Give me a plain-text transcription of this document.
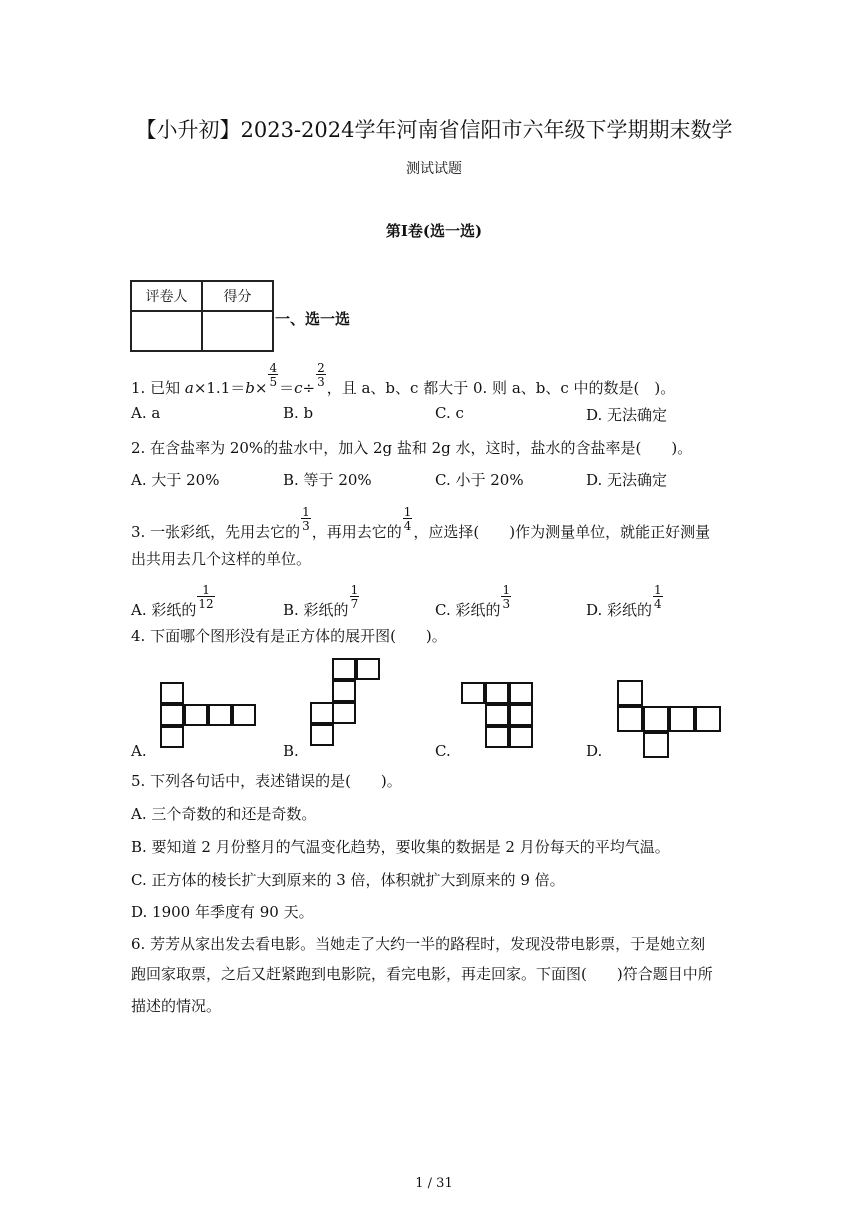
【小升初】2023-2024学年河南省信阳市六年级下学期期末数学
测试试题
第I卷(选一选)
评卷人	得分

一、选一选
1. 已知 $a\times 1.1=b\times \frac{4}{5} =c\div \frac{2}{3}$ ，且 a、b、c 都大于 0. 则 a、b、c 中的数是(　)。
A. a	B. b	C. c	D. 无法确定
2. 在含盐率为 20%的盐水中，加入 2g 盐和 2g 水，这时，盐水的含盐率是(　　)。
A. 大于 20%	B. 等于 20%	C. 小于 20%	D. 无法确定
3. 一张彩纸，先用去它的 $\frac{1}{3}$ ，再用去它的 $\frac{1}{4}$ ，应选择(　　)作为测量单位，就能正好测量
出共用去几个这样的单位。
A. 彩纸的 $\frac{1}{12}$	B. 彩纸的 $\frac{1}{7}$	C. 彩纸的 $\frac{1}{3}$	D. 彩纸的 $\frac{1}{4}$
4. 下面哪个图形没有是正方体的展开图(　　)。
A.	B.	C.	D.
5. 下列各句话中，表述错误的是(　　)。
A. 三个奇数的和还是奇数。
B. 要知道 2 月份整月的气温变化趋势，要收集的数据是 2 月份每天的平均气温。
C. 正方体的棱长扩大到原来的 3 倍，体积就扩大到原来的 9 倍。
D. 1900 年季度有 90 天。
6. 芳芳从家出发去看电影。当她走了大约一半的路程时，发现没带电影票，于是她立刻
跑回家取票，之后又赶紧跑到电影院，看完电影，再走回家。下面图(　　)符合题目中所
描述的情况。
1 / 31
